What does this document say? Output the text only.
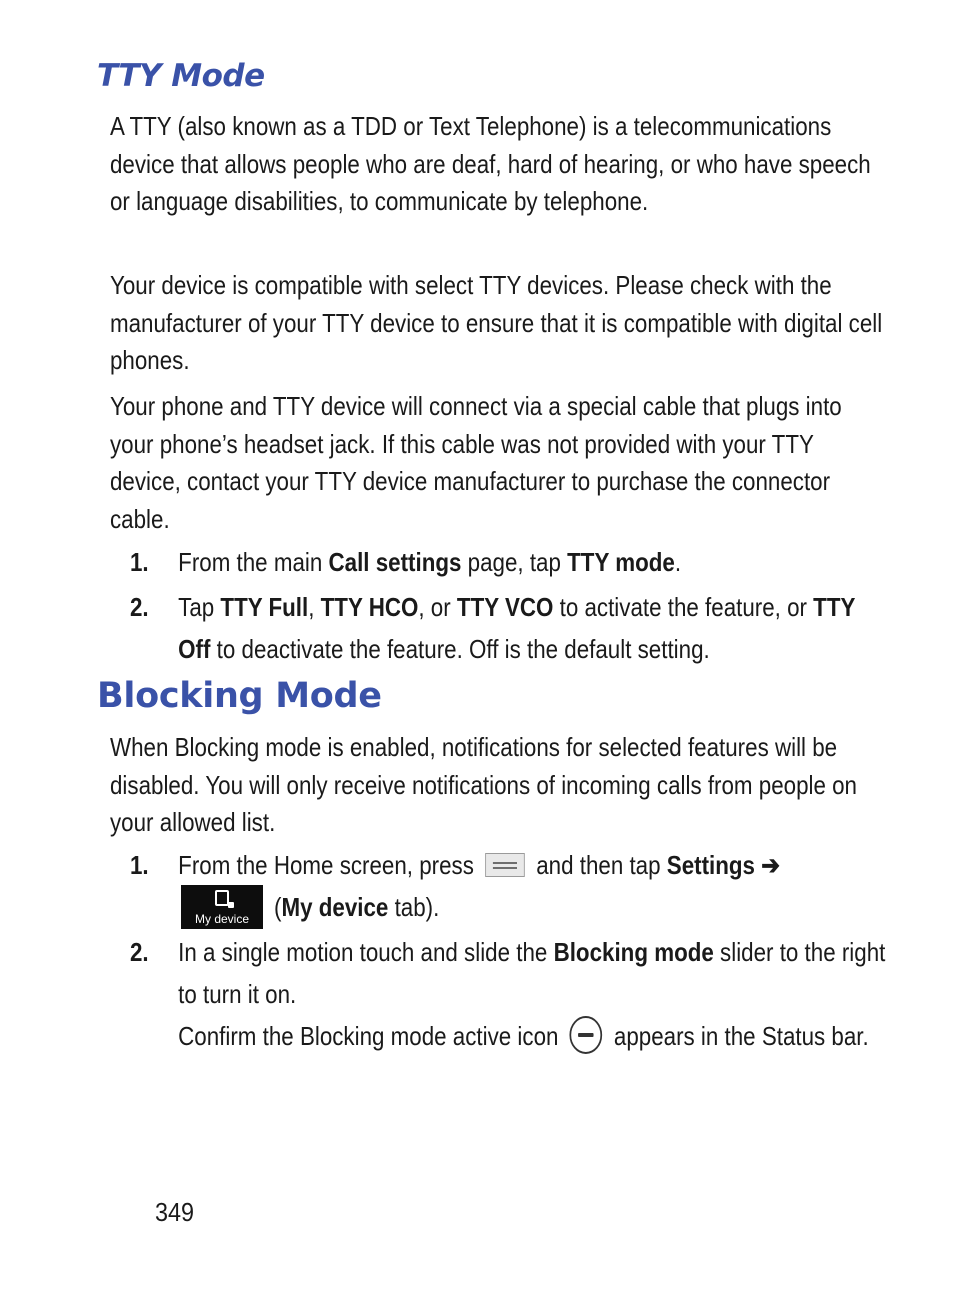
TTY Mode

A TTY (also known as a TDD or Text Telephone) is a telecommunications device that allows people who are deaf, hard of hearing, or who have speech or language disabilities, to communicate by telephone.

Your device is compatible with select TTY devices. Please check with the manufacturer of your TTY device to ensure that it is compatible with digital cell phones.

Your phone and TTY device will connect via a special cable that plugs into your phone’s headset jack. If this cable was not provided with your TTY device, contact your TTY device manufacturer to purchase the connector cable.

1. From the main Call settings page, tap TTY mode.
2. Tap TTY Full, TTY HCO, or TTY VCO to activate the feature, or TTY Off to deactivate the feature. Off is the default setting.
Blocking Mode

When Blocking mode is enabled, notifications for selected features will be disabled. You will only receive notifications of incoming calls from people on your allowed list.

1. From the Home screen, press  and then tap Settings ➔
My device (My device tab).
2. In a single motion touch and slide the Blocking mode slider to the right to turn it on.
Confirm the Blocking mode active icon  appears in the Status bar.
349
